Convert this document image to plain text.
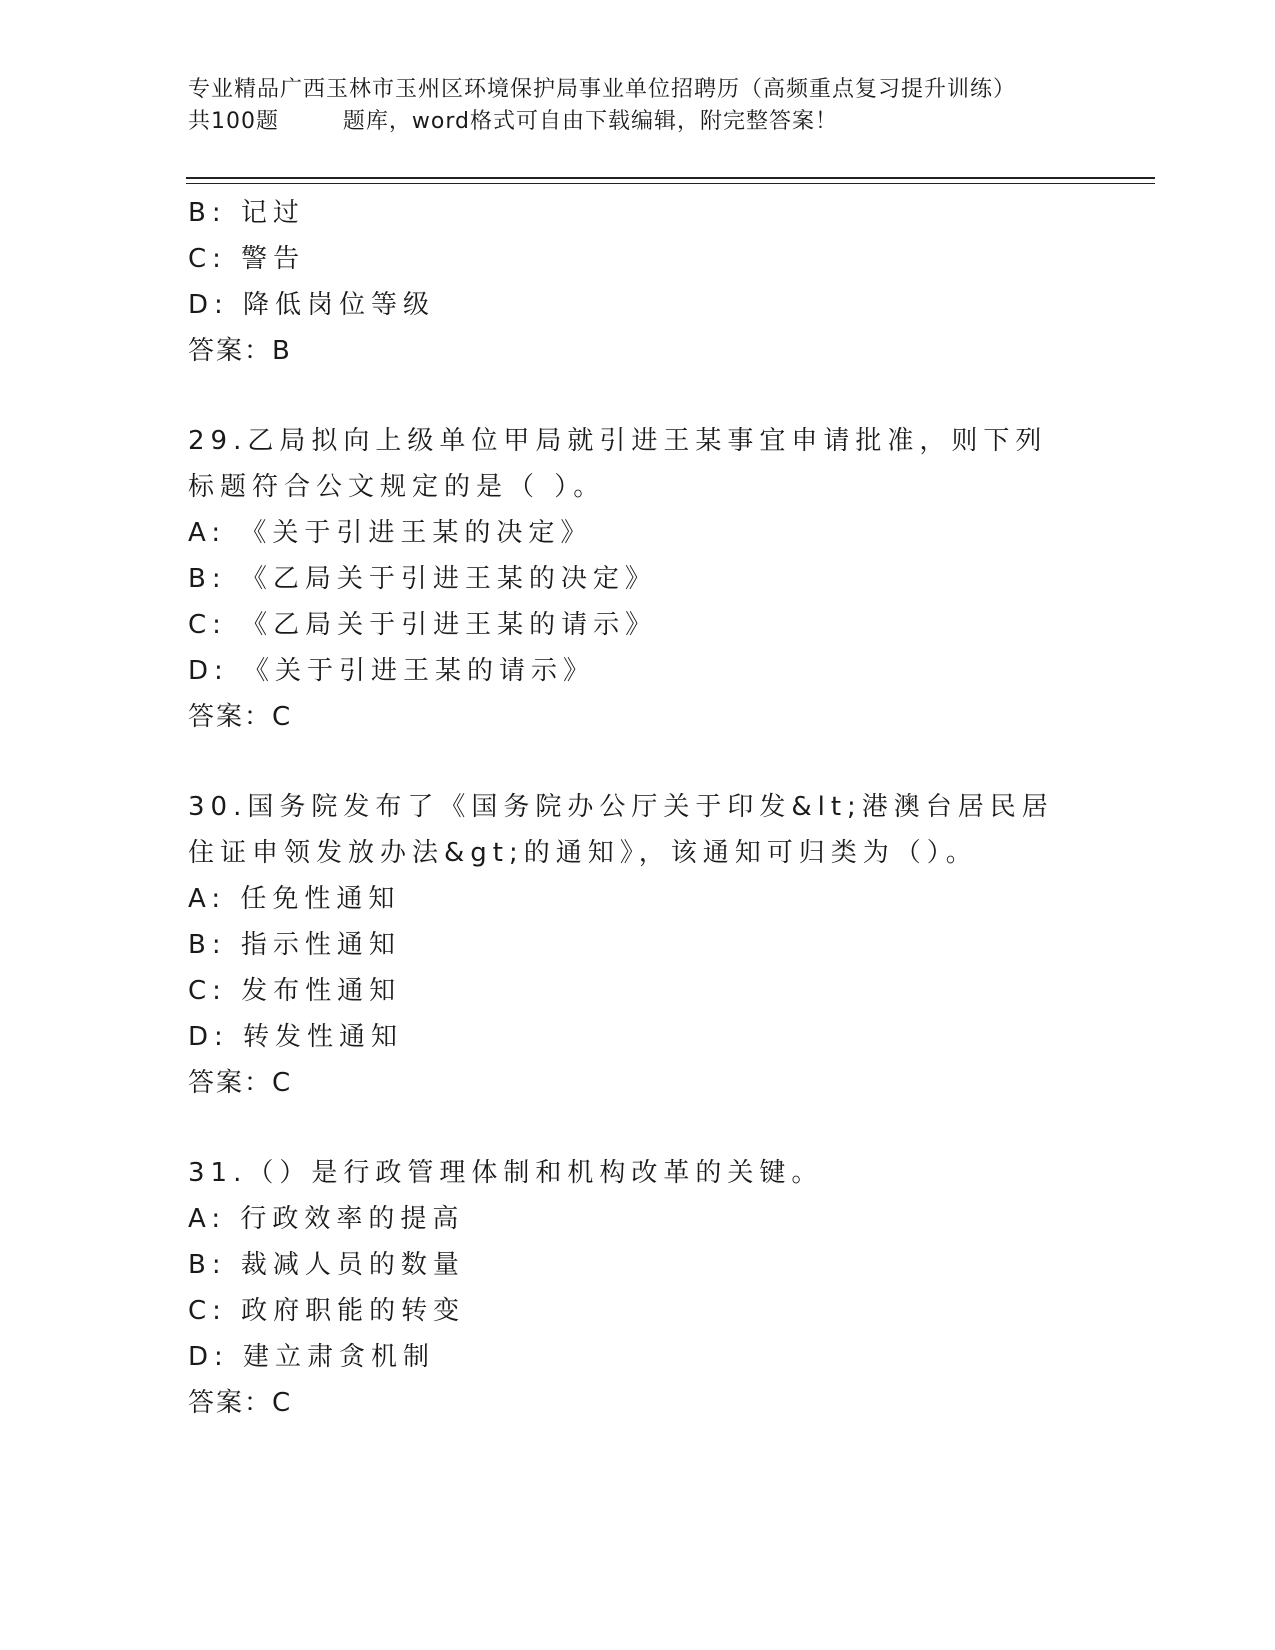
专业精品广西玉林市玉州区环境保护局事业单位招聘历（高频重点复习提升训练）

共100题        题库，word格式可自由下载编辑，附完整答案！
B: 记过
C: 警告
D: 降低岗位等级
答案：B
29.乙局拟向上级单位甲局就引进王某事宜申请批准，则下列标题符合公文规定的是（ ）。
A: 《关于引进王某的决定》
B: 《乙局关于引进王某的决定》
C: 《乙局关于引进王某的请示》
D: 《关于引进王某的请示》
答案：C
30.国务院发布了《国务院办公厅关于印发&lt;港澳台居民居住证申领发放办法&gt;的通知》，该通知可归类为（）。
A: 任免性通知
B: 指示性通知
C: 发布性通知
D: 转发性通知
答案：C
31.（）是行政管理体制和机构改革的关键。
A: 行政效率的提高
B: 裁减人员的数量
C: 政府职能的转变
D: 建立肃贪机制
答案：C
